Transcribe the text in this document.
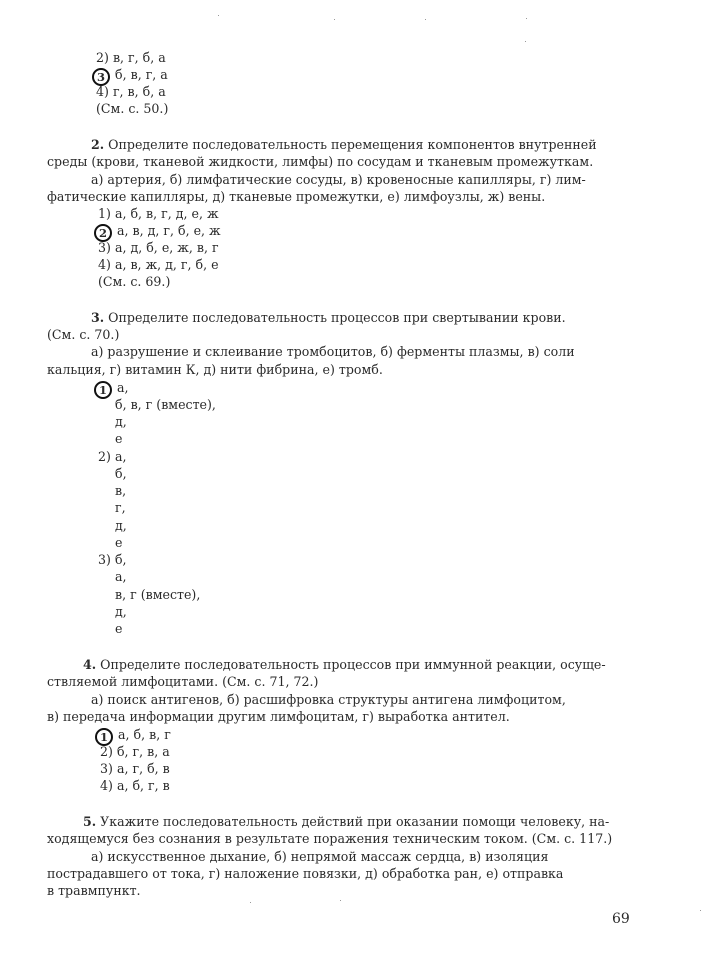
2) в, г, б, а
3 б, в, г, а
4) г, в, б, а
(См. с. 50.)
2. Определите последовательность перемещения компонентов внутренней
среды (крови, тканевой жидкости, лимфы) по сосудам и тканевым промежуткам.
а) артерия, б) лимфатические сосуды, в) кровеносные капилляры, г) лим-
фатические капилляры, д) тканевые промежутки, е) лимфоузлы, ж) вены.
1) а, б, в, г, д, е, ж
2 а, в, д, г, б, е, ж
3) а, д, б, е, ж, в, г
4) а, в, ж, д, г, б, е
(См. с. 69.)
3. Определите последовательность процессов при свертывании крови.
(См. с. 70.)
а) разрушение и склеивание тромбоцитов, б) ферменты плазмы, в) соли
кальция, г) витамин К, д) нити фибрина, е) тромб.
1 а,
б, в, г (вместе),
д,
е
2) а,
б,
в,
г,
д,
е
3) б,
а,
в, г (вместе),
д,
е
4. Определите последовательность процессов при иммунной реакции, осуще-
ствляемой лимфоцитами. (См. с. 71, 72.)
а) поиск антигенов, б) расшифровка структуры антигена лимфоцитом,
в) передача информации другим лимфоцитам, г) выработка антител.
1 а, б, в, г
2) б, г, в, а
3) а, г, б, в
4) а, б, г, в
5. Укажите последовательность действий при оказании помощи человеку, на-
ходящемуся без сознания в результате поражения техническим током. (См. с. 117.)
а) искусственное дыхание, б) непрямой массаж сердца, в) изоляция
пострадавшего от тока, г) наложение повязки, д) обработка ран, е) отправка
в травмпункт.
69
